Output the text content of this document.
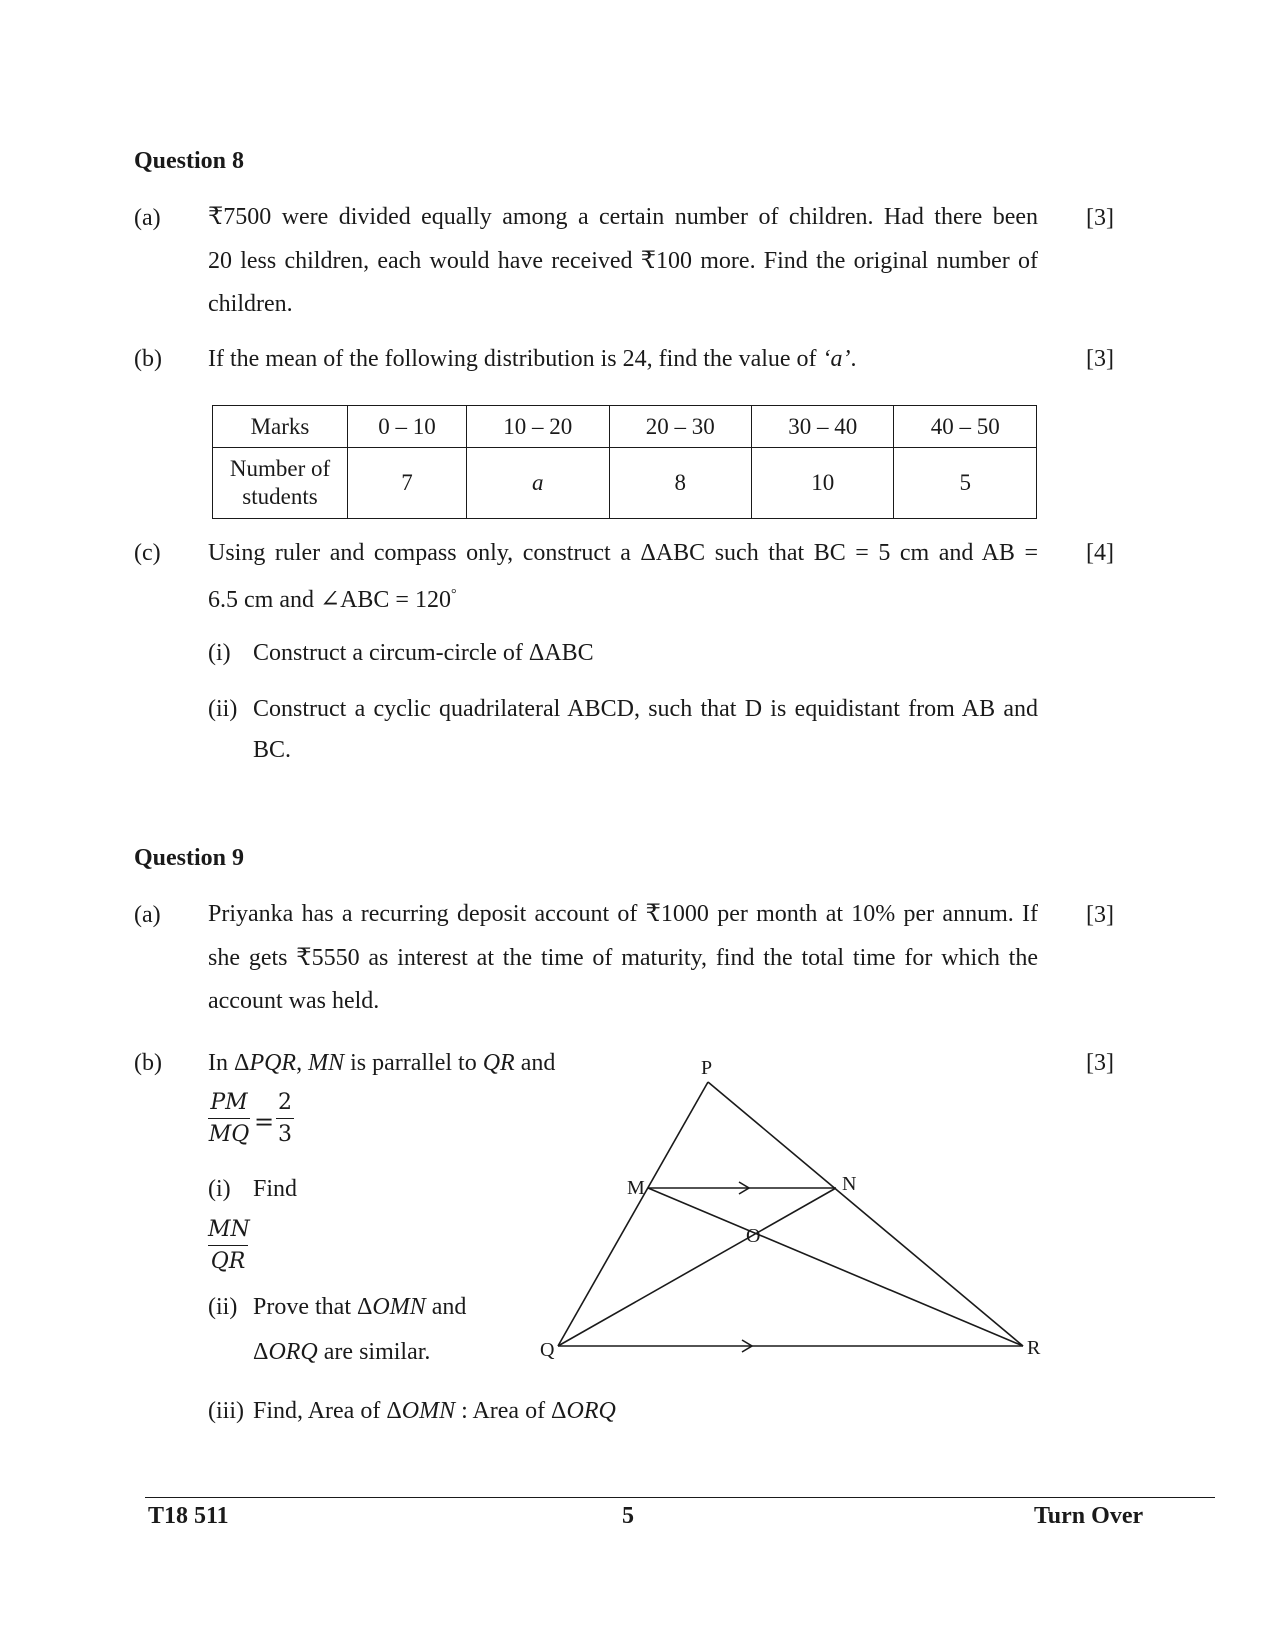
Question 8
(a)	[3]
₹7500 were divided equally among a certain number of children. Had there been
20 less children, each would have received ₹100 more. Find the original number of
children.
(b)	[3]
If the mean of the following distribution is 24, find the value of ‘a’.
Marks	0 – 10	10 – 20	20 – 30	30 – 40	40 – 50

Number of
students	7	a	8	10	5
(c)	[4]
Using ruler and compass only, construct a ΔABC such that BC = 5 cm and AB =
6.5 cm and ∠ABC = 120°
(i) Construct a circum-circle of ΔABC
(ii) Construct a cyclic quadrilateral ABCD, such that D is equidistant from AB and
BC.
Question 9
(a)	[3]
Priyanka has a recurring deposit account of ₹1000 per month at 10% per annum. If
she gets ₹5550 as interest at the time of maturity, find the total time for which the
account was held.
(b)	[3]
In ΔPQR, MN is parrallel to QR and
PM
MQ =
2
3
(i) Find
MN
QR
(ii) Prove that ΔOMN and
ΔORQ are similar.
(iii) Find, Area of ΔOMN : Area of ΔORQ
P
M	N
O
Q	R
T18 511	5	Turn Over
